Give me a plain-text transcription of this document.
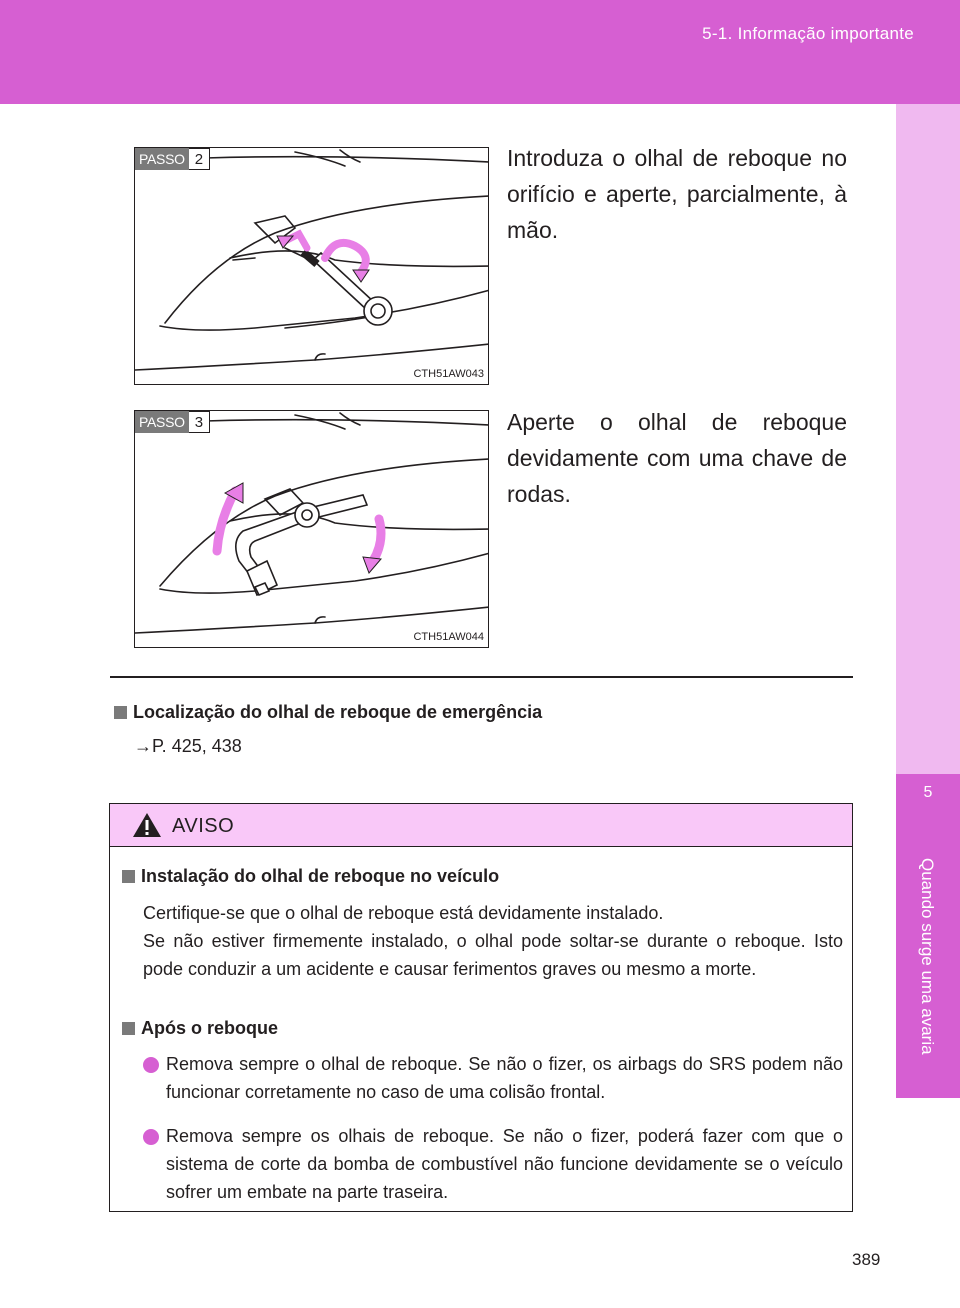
5-1. Informação importante
5
Quando surge uma avaria
PASSO 2
CTH51AW043
Introduza o olhal de reboque no orifício e aperte, parcialmente, à mão.
PASSO 3
CTH51AW044
Aperte o olhal de reboque devidamente com uma chave de rodas.
Localização do olhal de reboque de emergência
→P. 425, 438
AVISO
Instalação do olhal de reboque no veículo
Certifique-se que o olhal de reboque está devidamente instalado.
Se não estiver firmemente instalado, o olhal pode soltar-se durante o reboque. Isto pode conduzir a um acidente e causar ferimentos graves ou mesmo a morte.
Após o reboque
Remova sempre o olhal de reboque. Se não o fizer, os airbags do SRS podem não funcionar corretamente no caso de uma colisão frontal.
Remova sempre os olhais de reboque. Se não o fizer, poderá fazer com que o sistema de corte da bomba de combustível não funcione devidamente se o veículo sofrer um embate na parte traseira.
389
